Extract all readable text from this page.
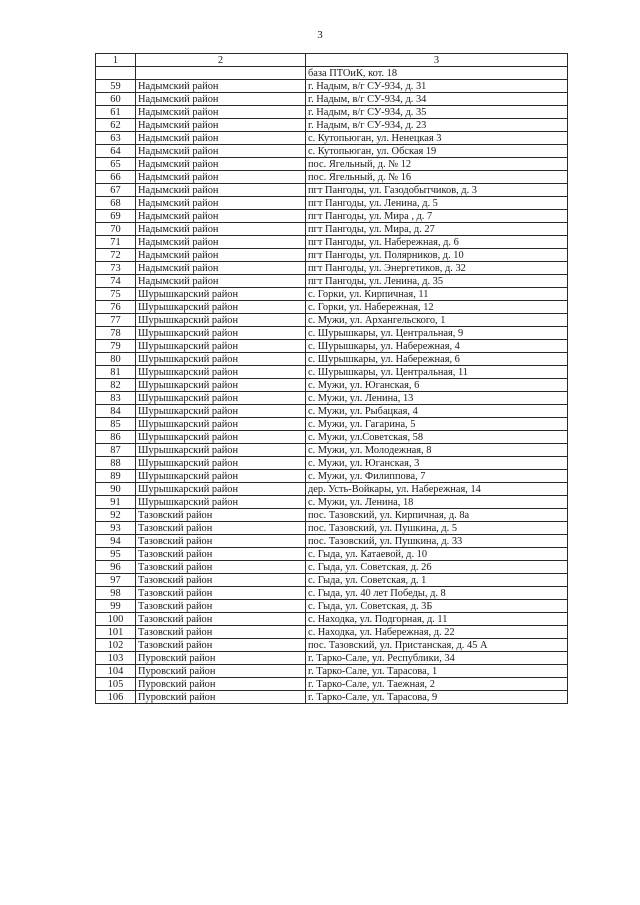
3
1	2	3
		база ПТОиК, кот. 18
59	Надымский район	г. Надым, в/г СУ-934, д. 31
60	Надымский район	г. Надым, в/г СУ-934, д. 34
61	Надымский район	г. Надым, в/г СУ-934, д. 35
62	Надымский район	г. Надым, в/г СУ-934, д. 23
63	Надымский район	с. Кутопьюган, ул. Ненецкая 3
64	Надымский район	с. Кутопьюган, ул. Обская 19
65	Надымский район	пос. Ягельный, д. № 12
66	Надымский район	пос. Ягельный, д. № 16
67	Надымский район	пгт Пангоды, ул. Газодобытчиков, д. 3
68	Надымский район	пгт Пангоды, ул. Ленина, д. 5
69	Надымский район	пгт Пангоды, ул. Мира , д. 7
70	Надымский район	пгт Пангоды, ул. Мира, д. 27
71	Надымский район	пгт Пангоды, ул. Набережная, д. 6
72	Надымский район	пгт Пангоды, ул. Полярников, д. 10
73	Надымский район	пгт Пангоды, ул. Энергетиков, д. 32
74	Надымский район	пгт Пангоды, ул. Ленина, д. 35
75	Шурышкарский район	с. Горки, ул. Кирпичная, 11
76	Шурышкарский район	с. Горки, ул. Набережная, 12
77	Шурышкарский район	с. Мужи, ул. Архангельского, 1
78	Шурышкарский район	с. Шурышкары, ул. Центральная, 9
79	Шурышкарский район	с. Шурышкары, ул. Набережная, 4
80	Шурышкарский район	с. Шурышкары, ул. Набережная, 6
81	Шурышкарский район	с. Шурышкары, ул. Центральная, 11
82	Шурышкарский район	с. Мужи, ул. Юганская, 6
83	Шурышкарский район	с. Мужи, ул. Ленина, 13
84	Шурышкарский район	с. Мужи, ул. Рыбацкая, 4
85	Шурышкарский район	с. Мужи, ул. Гагарина, 5
86	Шурышкарский район	с. Мужи, ул.Советская, 58
87	Шурышкарский район	с. Мужи, ул. Молодежная, 8
88	Шурышкарский район	с. Мужи, ул. Юганская, 3
89	Шурышкарский район	с. Мужи, ул. Филиппова, 7
90	Шурышкарский район	дер. Усть-Войкары, ул. Набережная, 14
91	Шурышкарский район	с. Мужи, ул. Ленина, 18
92	Тазовский район	пос. Тазовский, ул. Кирпичная, д. 8а
93	Тазовский район	пос. Тазовский, ул. Пушкина, д. 5
94	Тазовский район	пос. Тазовский, ул. Пушкина, д. 33
95	Тазовский район	с. Гыда, ул. Катаевой, д. 10
96	Тазовский район	с. Гыда, ул. Советская, д. 26
97	Тазовский район	с. Гыда, ул. Советская, д. 1
98	Тазовский район	с. Гыда, ул. 40 лет Победы, д. 8
99	Тазовский район	с. Гыда, ул. Советская, д. 3Б
100	Тазовский район	с. Находка, ул. Подгорная, д. 11
101	Тазовский район	с. Находка, ул. Набережная, д. 22
102	Тазовский район	пос. Тазовский, ул. Пристанская, д. 45 А
103	Пуровский район	г. Тарко-Сале, ул. Республики, 34
104	Пуровский район	г. Тарко-Сале, ул. Тарасова, 1
105	Пуровский район	г. Тарко-Сале, ул. Таежная, 2
106	Пуровский район	г. Тарко-Сале, ул. Тарасова, 9
